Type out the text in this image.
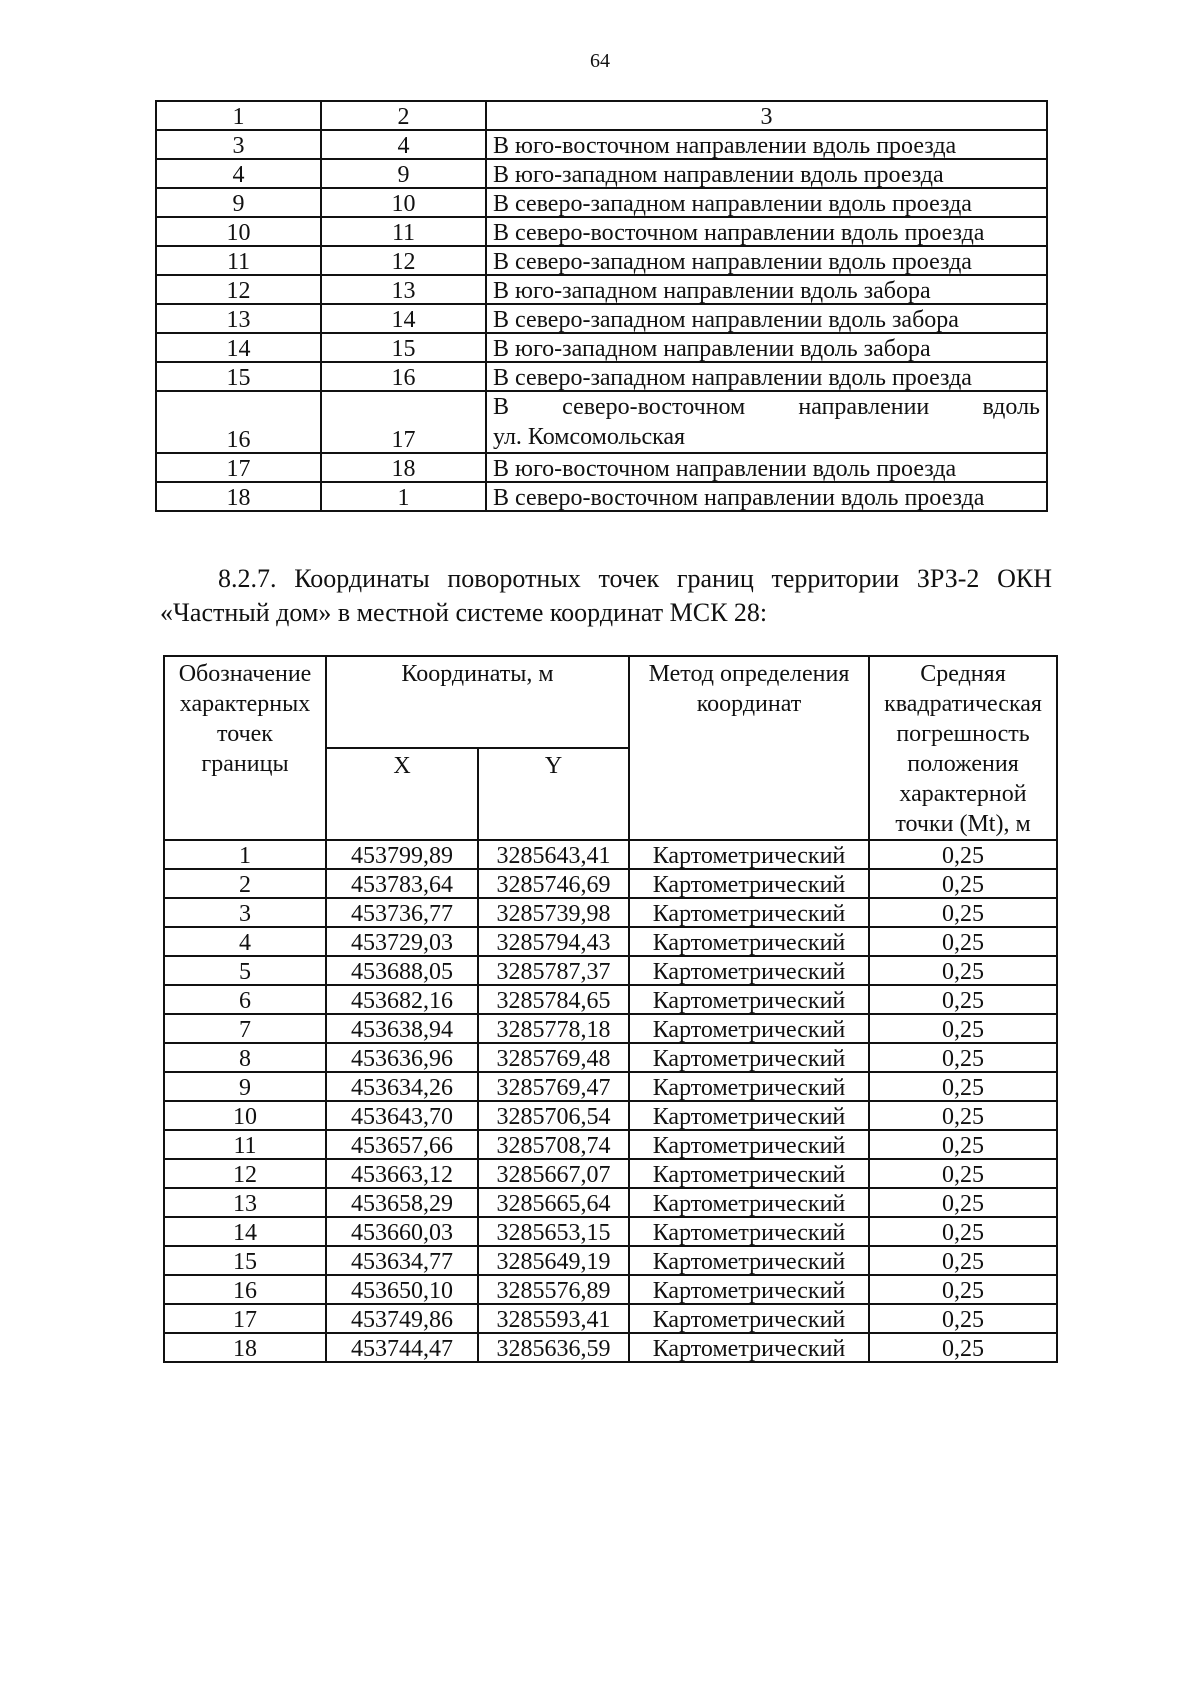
64
1	2	3
3	4	В юго-восточном направлении вдоль проезда
4	9	В юго-западном направлении вдоль проезда
9	10	В северо-западном направлении вдоль проезда
10	11	В северо-восточном направлении вдоль проезда
11	12	В северо-западном направлении вдоль проезда
12	13	В юго-западном направлении вдоль забора
13	14	В северо-западном направлении вдоль забора
14	15	В юго-западном направлении вдоль забора
15	16	В северо-западном направлении вдоль проезда
16	17	В северо-восточном направлении вдоль
ул. Комсомольская

17	18	В юго-восточном направлении вдоль проезда
18	1	В северо-восточном направлении вдоль проезда
8.2.7. Координаты поворотных точек границ территории ЗРЗ-2 ОКН «Частный дом» в местной системе координат МСК 28:
Обозначение характерных точек границы	Координаты, м		Метод определения координат	Средняя квадратическая погрешность положения характерной точки (Mt), м
	X	Y		
1	453799,89	3285643,41	Картометрический	0,25
2	453783,64	3285746,69	Картометрический	0,25
3	453736,77	3285739,98	Картометрический	0,25
4	453729,03	3285794,43	Картометрический	0,25
5	453688,05	3285787,37	Картометрический	0,25
6	453682,16	3285784,65	Картометрический	0,25
7	453638,94	3285778,18	Картометрический	0,25
8	453636,96	3285769,48	Картометрический	0,25
9	453634,26	3285769,47	Картометрический	0,25
10	453643,70	3285706,54	Картометрический	0,25
11	453657,66	3285708,74	Картометрический	0,25
12	453663,12	3285667,07	Картометрический	0,25
13	453658,29	3285665,64	Картометрический	0,25
14	453660,03	3285653,15	Картометрический	0,25
15	453634,77	3285649,19	Картометрический	0,25
16	453650,10	3285576,89	Картометрический	0,25
17	453749,86	3285593,41	Картометрический	0,25
18	453744,47	3285636,59	Картометрический	0,25
